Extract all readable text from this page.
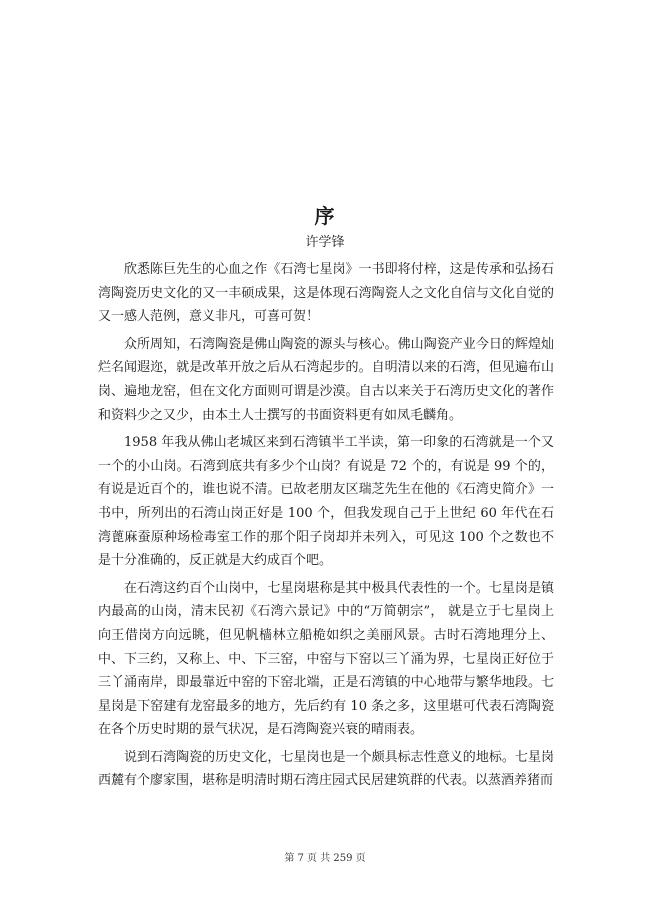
序
许学锋

欣悉陈巨先生的心血之作《石湾七星岗》一书即将付梓，这是传承和弘扬石湾陶瓷历史文化的又一丰硕成果，这是体现石湾陶瓷人之文化自信与文化自觉的又一感人范例，意义非凡，可喜可贺！

众所周知，石湾陶瓷是佛山陶瓷的源头与核心。佛山陶瓷产业今日的辉煌灿烂名闻遐迩，就是改革开放之后从石湾起步的。自明清以来的石湾，但见遍布山岗、遍地龙窑，但在文化方面则可谓是沙漠。自古以来关于石湾历史文化的著作和资料少之又少，由本土人士撰写的书面资料更有如凤毛麟角。

1958 年我从佛山老城区来到石湾镇半工半读，第一印象的石湾就是一个又一个的小山岗。石湾到底共有多少个山岗？有说是 72 个的，有说是 99 个的，有说是近百个的，谁也说不清。已故老朋友区瑞芝先生在他的《石湾史简介》一书中，所列出的石湾山岗正好是 100 个，但我发现自己于上世纪 60 年代在石湾蓖麻蚕原种场检毒室工作的那个阳子岗却并未列入，可见这 100 个之数也不是十分准确的，反正就是大约成百个吧。

在石湾这约百个山岗中，七星岗堪称是其中极具代表性的一个。七星岗是镇内最高的山岗，清末民初《石湾六景记》中的“万简朝宗”， 就是立于七星岗上向王借岗方向远眺，但见帆樯林立船桅如织之美丽风景。古时石湾地理分上、中、下三约，又称上、中、下三窑，中窑与下窑以三丫涌为界，七星岗正好位于三丫涌南岸，即最靠近中窑的下窑北端，正是石湾镇的中心地带与繁华地段。七星岗是下窑建有龙窑最多的地方，先后约有 10 条之多，这里堪可代表石湾陶瓷在各个历史时期的景气状况，是石湾陶瓷兴衰的晴雨表。

说到石湾陶瓷的历史文化，七星岗也是一个颇具标志性意义的地标。七星岗西麓有个廖家围，堪称是明清时期石湾庄园式民居建筑群的代表。以蒸酒养猪而

第 7 页 共 259 页
